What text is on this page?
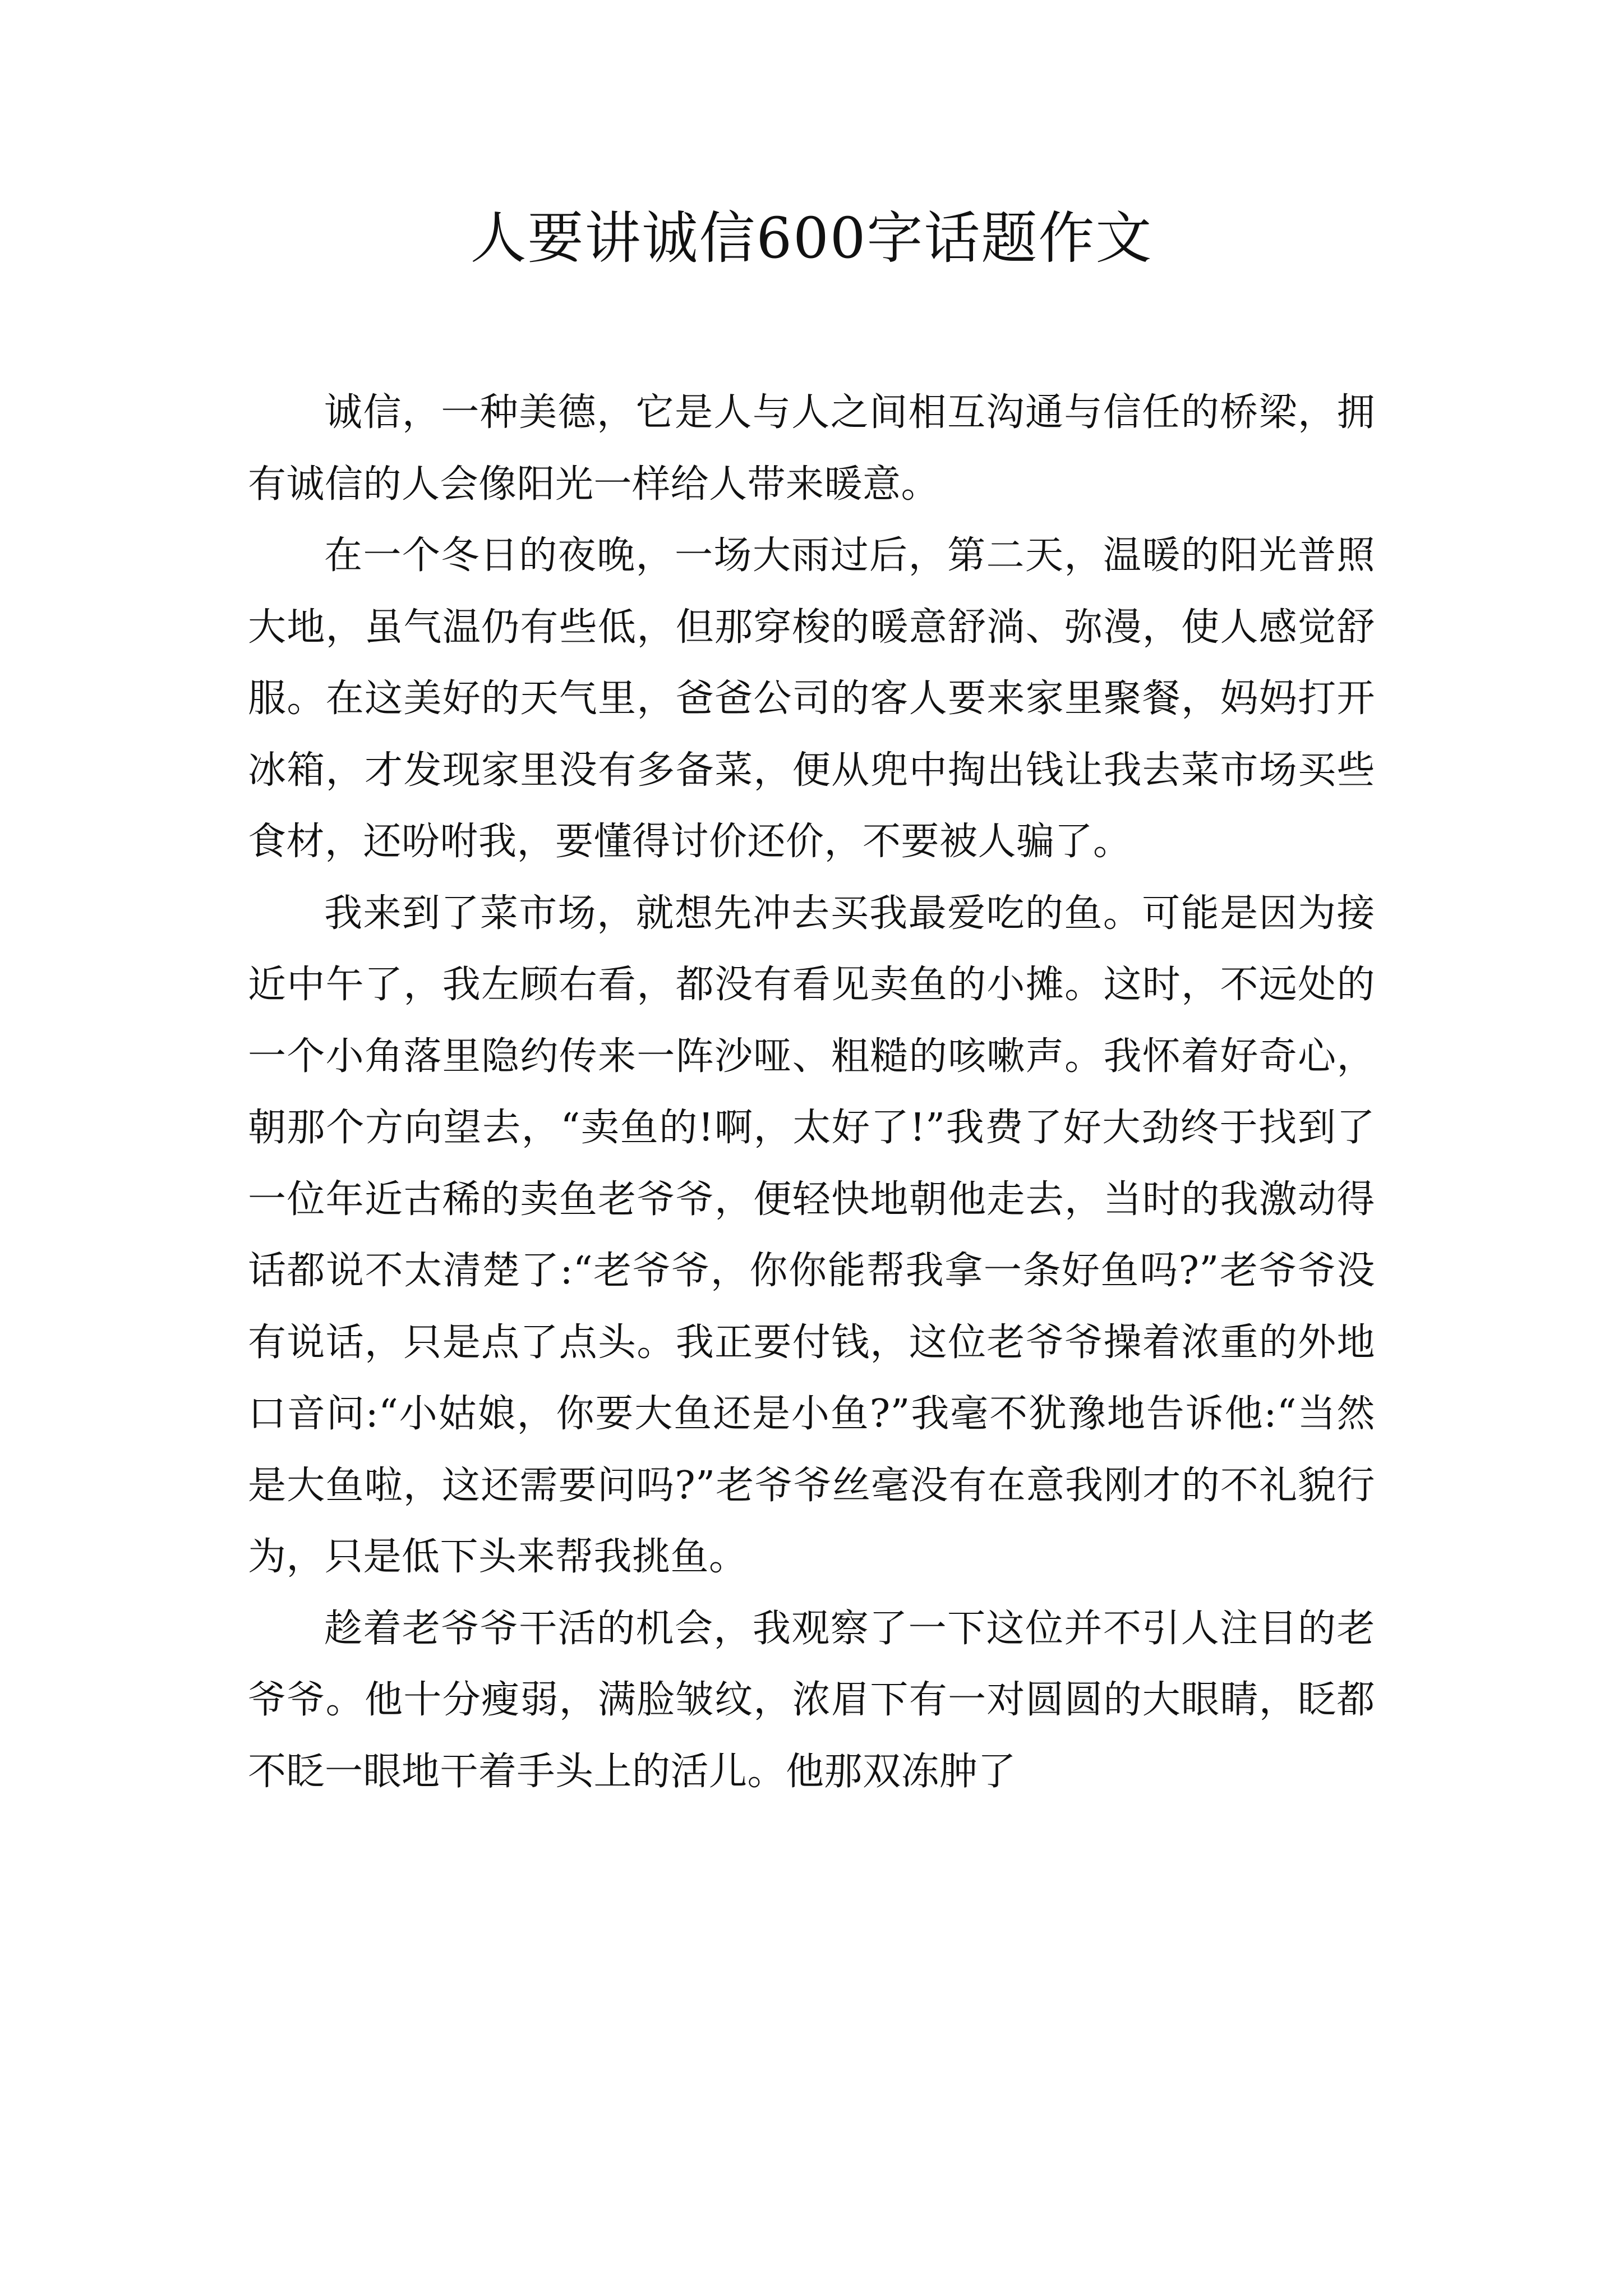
人要讲诚信600字话题作文

诚信，一种美德，它是人与人之间相互沟通与信任的桥梁，拥有诚信的人会像阳光一样给人带来暖意。

在一个冬日的夜晚，一场大雨过后，第二天，温暖的阳光普照大地，虽气温仍有些低，但那穿梭的暖意舒淌、弥漫，使人感觉舒服。在这美好的天气里，爸爸公司的客人要来家里聚餐，妈妈打开冰箱，才发现家里没有多备菜，便从兜中掏出钱让我去菜市场买些食材，还吩咐我，要懂得讨价还价，不要被人骗了。

我来到了菜市场，就想先冲去买我最爱吃的鱼。可能是因为接近中午了，我左顾右看，都没有看见卖鱼的小摊。这时，不远处的一个小角落里隐约传来一阵沙哑、粗糙的咳嗽声。我怀着好奇心，朝那个方向望去，“卖鱼的!啊，太好了!”我费了好大劲终于找到了一位年近古稀的卖鱼老爷爷，便轻快地朝他走去，当时的我激动得话都说不太清楚了:“老爷爷，你你能帮我拿一条好鱼吗?”老爷爷没有说话，只是点了点头。我正要付钱，这位老爷爷操着浓重的外地口音问:“小姑娘，你要大鱼还是小鱼?”我毫不犹豫地告诉他:“当然是大鱼啦，这还需要问吗?”老爷爷丝毫没有在意我刚才的不礼貌行为，只是低下头来帮我挑鱼。

趁着老爷爷干活的机会，我观察了一下这位并不引人注目的老爷爷。他十分瘦弱，满脸皱纹，浓眉下有一对圆圆的大眼睛，眨都不眨一眼地干着手头上的活儿。他那双冻肿了
